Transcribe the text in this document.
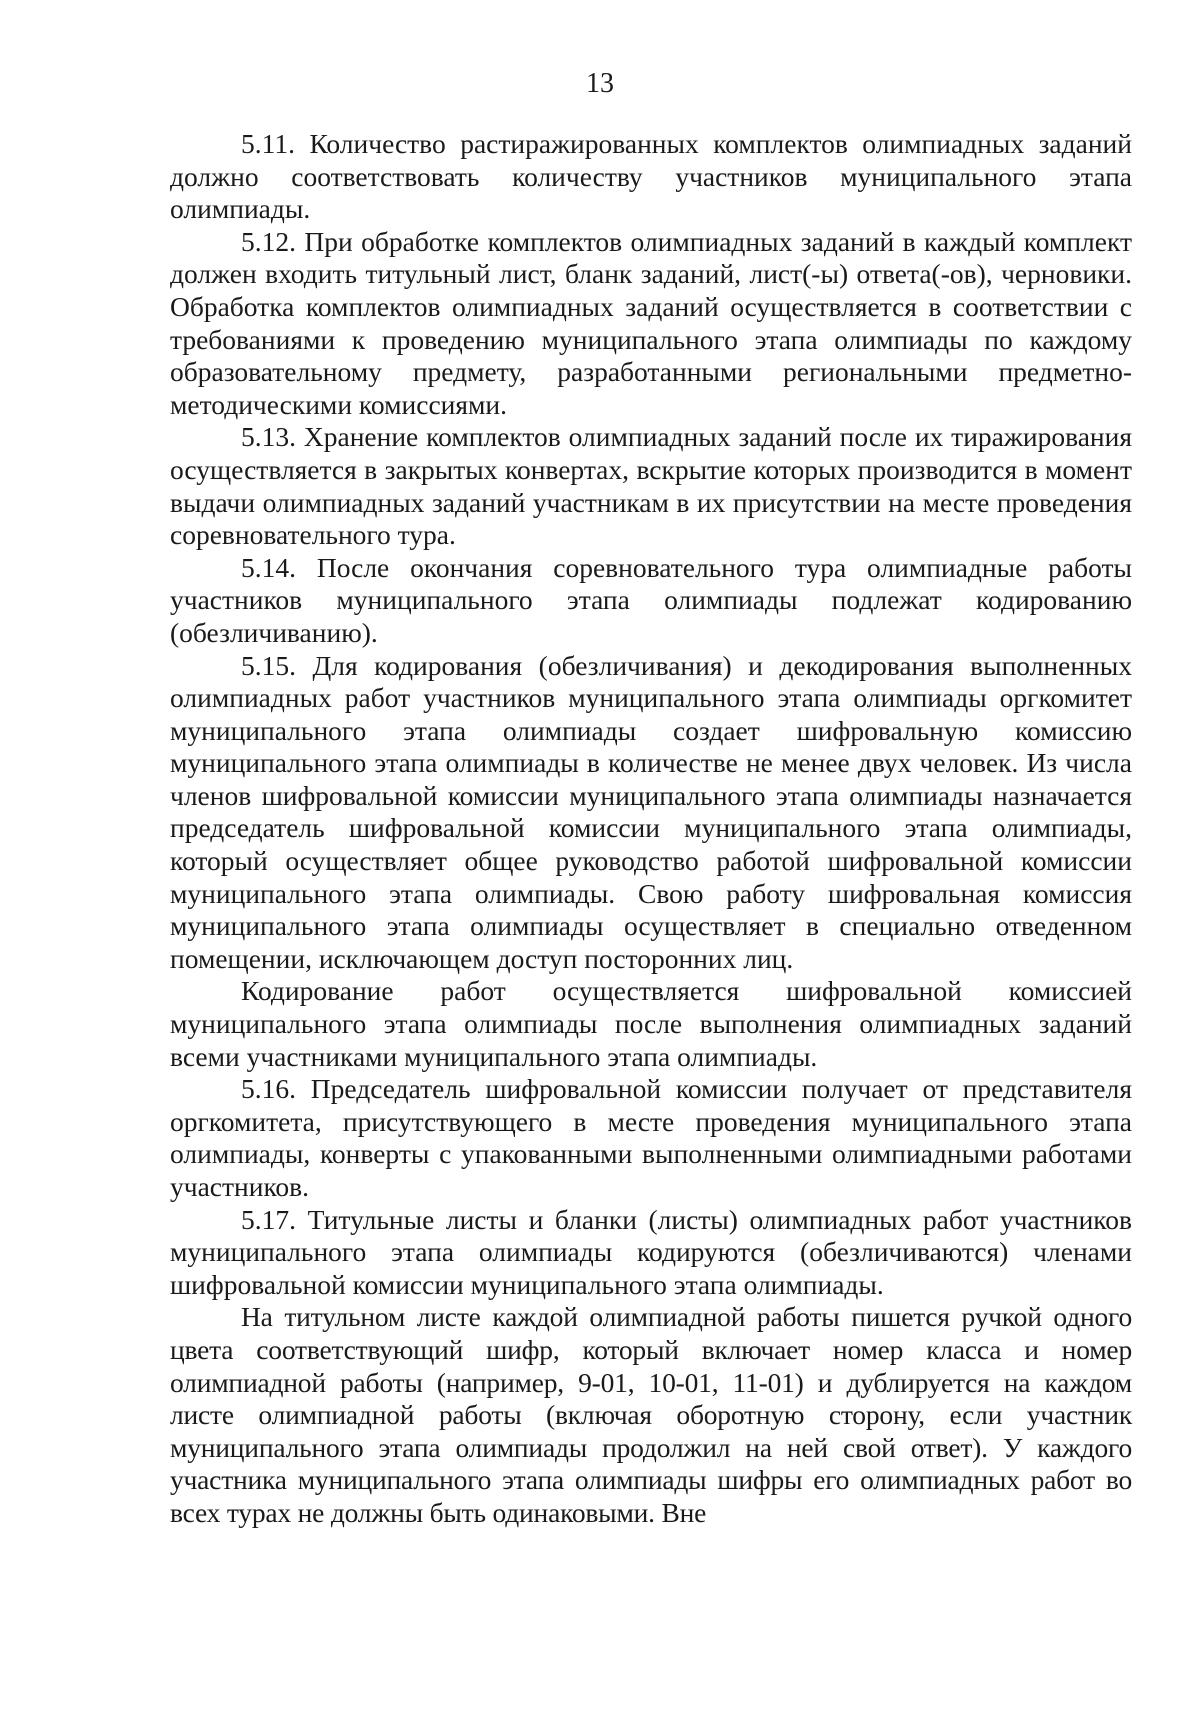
13

5.11. Количество растиражированных комплектов олимпиадных заданий должно соответствовать количеству участников муниципального этапа олимпиады.

5.12. При обработке комплектов олимпиадных заданий в каждый комплект должен входить титульный лист, бланк заданий, лист(-ы) ответа(-ов), черновики. Обработка комплектов олимпиадных заданий осуществляется в соответствии с требованиями к проведению муниципального этапа олимпиады по каждому образовательному предмету, разработанными региональными предметно-методическими комиссиями.

5.13. Хранение комплектов олимпиадных заданий после их тиражирования осуществляется в закрытых конвертах, вскрытие которых производится в момент выдачи олимпиадных заданий участникам в их присутствии на месте проведения соревновательного тура.

5.14. После окончания соревновательного тура олимпиадные работы участников муниципального этапа олимпиады подлежат кодированию (обезличиванию).

5.15. Для кодирования (обезличивания) и декодирования выполненных олимпиадных работ участников муниципального этапа олимпиады оргкомитет муниципального этапа олимпиады создает шифровальную комиссию муниципального этапа олимпиады в количестве не менее двух человек. Из числа членов шифровальной комиссии муниципального этапа олимпиады назначается председатель шифровальной комиссии муниципального этапа олимпиады, который осуществляет общее руководство работой шифровальной комиссии муниципального этапа олимпиады. Свою работу шифровальная комиссия муниципального этапа олимпиады осуществляет в специально отведенном помещении, исключающем доступ посторонних лиц.

Кодирование работ осуществляется шифровальной комиссией муниципального этапа олимпиады после выполнения олимпиадных заданий всеми участниками муниципального этапа олимпиады.

5.16. Председатель шифровальной комиссии получает от представителя оргкомитета, присутствующего в месте проведения муниципального этапа олимпиады, конверты с упакованными выполненными олимпиадными работами участников.

5.17. Титульные листы и бланки (листы) олимпиадных работ участников муниципального этапа олимпиады кодируются (обезличиваются) членами шифровальной комиссии муниципального этапа олимпиады.

На титульном листе каждой олимпиадной работы пишется ручкой одного цвета соответствующий шифр, который включает номер класса и номер олимпиадной работы (например, 9-01, 10-01, 11-01) и дублируется на каждом листе олимпиадной работы (включая оборотную сторону, если участник муниципального этапа олимпиады продолжил на ней свой ответ). У каждого участника муниципального этапа олимпиады шифры его олимпиадных работ во всех турах не должны быть одинаковыми. Вне
